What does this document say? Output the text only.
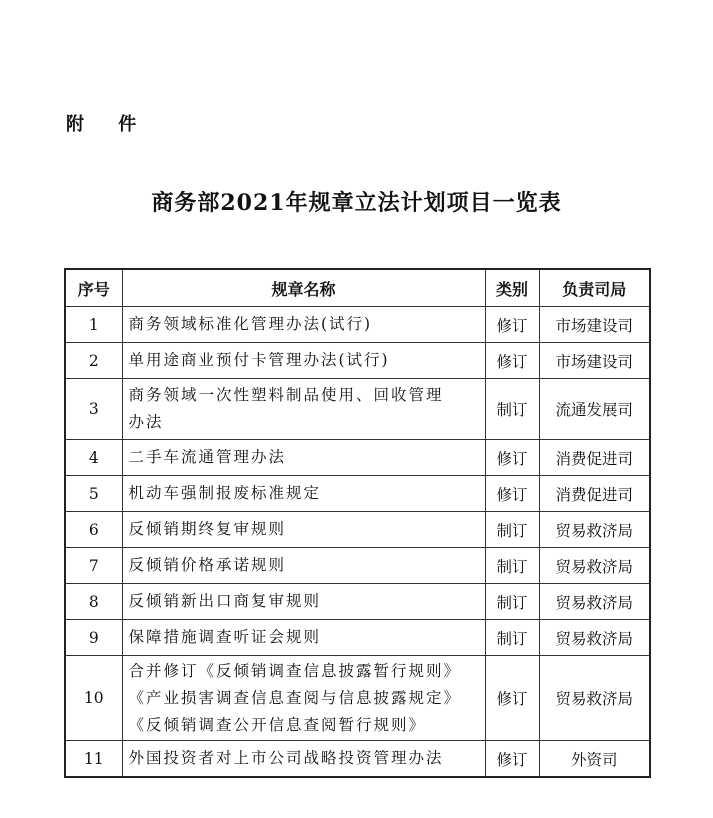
附 件
商务部2021年规章立法计划项目一览表
序号	规章名称	类别	负责司局
1	商务领域标准化管理办法(试行)	修订	市场建设司
2	单用途商业预付卡管理办法(试行)	修订	市场建设司
3	商务领域一次性塑料制品使用、回收管理
办法	制订	流通发展司
4	二手车流通管理办法	修订	消费促进司
5	机动车强制报废标准规定	修订	消费促进司
6	反倾销期终复审规则	制订	贸易救济局
7	反倾销价格承诺规则	制订	贸易救济局
8	反倾销新出口商复审规则	制订	贸易救济局
9	保障措施调查听证会规则	制订	贸易救济局
10	合并修订《反倾销调查信息披露暂行规则》
《产业损害调查信息查阅与信息披露规定》
《反倾销调查公开信息查阅暂行规则》	修订	贸易救济局
11	外国投资者对上市公司战略投资管理办法	修订	外资司
